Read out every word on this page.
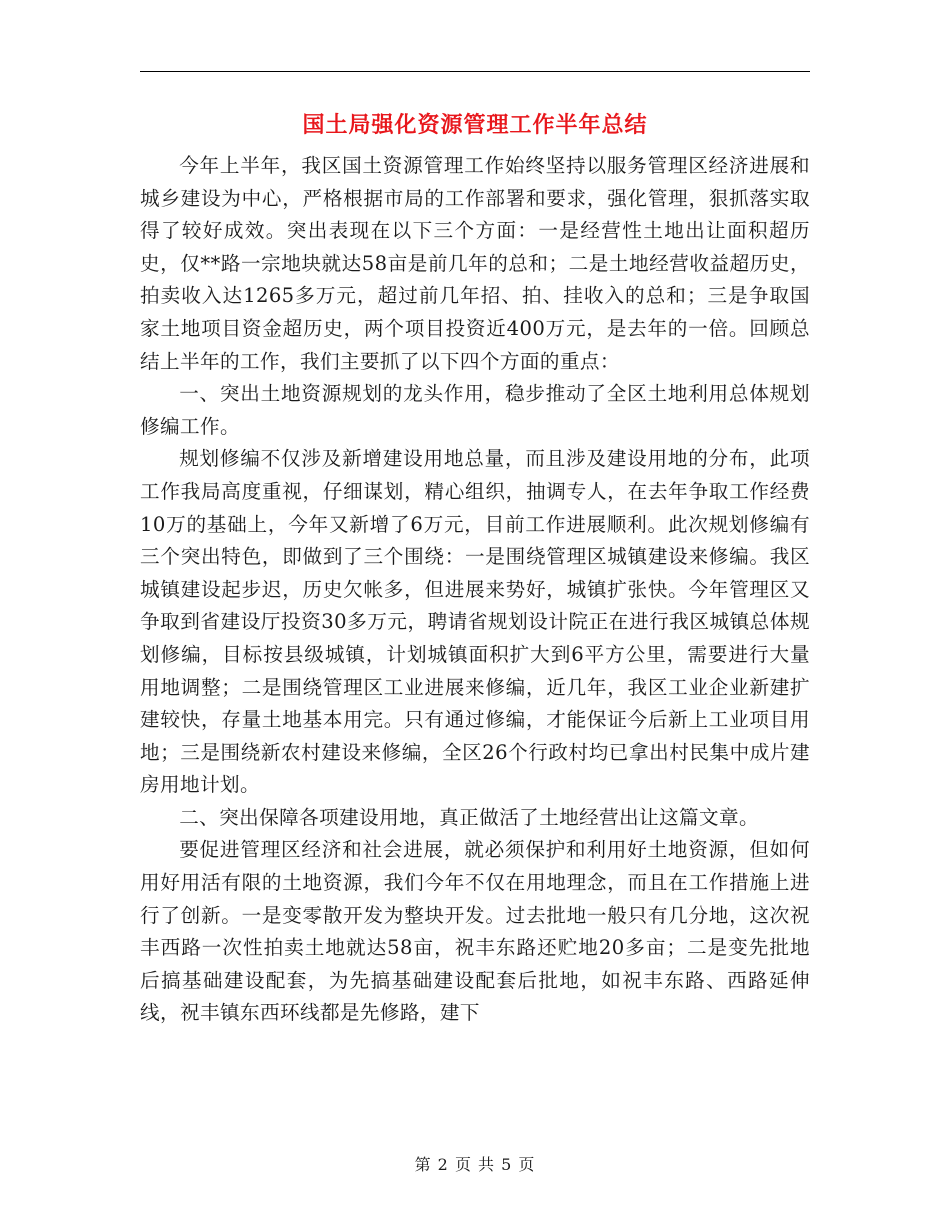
国土局强化资源管理工作半年总结

今年上半年，我区国土资源管理工作始终坚持以服务管理区经济进展和城乡建设为中心，严格根据市局的工作部署和要求，强化管理，狠抓落实取得了较好成效。突出表现在以下三个方面：一是经营性土地出让面积超历史，仅**路一宗地块就达58亩是前几年的总和；二是土地经营收益超历史，拍卖收入达1265多万元，超过前几年招、拍、挂收入的总和；三是争取国家土地项目资金超历史，两个项目投资近400万元，是去年的一倍。回顾总结上半年的工作，我们主要抓了以下四个方面的重点：

一、突出土地资源规划的龙头作用，稳步推动了全区土地利用总体规划修编工作。

规划修编不仅涉及新增建设用地总量，而且涉及建设用地的分布，此项工作我局高度重视，仔细谋划，精心组织，抽调专人，在去年争取工作经费10万的基础上，今年又新增了6万元，目前工作进展顺利。此次规划修编有三个突出特色，即做到了三个围绕：一是围绕管理区城镇建设来修编。我区城镇建设起步迟，历史欠帐多，但进展来势好，城镇扩张快。今年管理区又争取到省建设厅投资30多万元，聘请省规划设计院正在进行我区城镇总体规划修编，目标按县级城镇，计划城镇面积扩大到6平方公里，需要进行大量用地调整；二是围绕管理区工业进展来修编，近几年，我区工业企业新建扩建较快，存量土地基本用完。只有通过修编，才能保证今后新上工业项目用地；三是围绕新农村建设来修编，全区26个行政村均已拿出村民集中成片建房用地计划。

二、突出保障各项建设用地，真正做活了土地经营出让这篇文章。

要促进管理区经济和社会进展，就必须保护和利用好土地资源，但如何用好用活有限的土地资源，我们今年不仅在用地理念，而且在工作措施上进行了创新。一是变零散开发为整块开发。过去批地一般只有几分地，这次祝丰西路一次性拍卖土地就达58亩，祝丰东路还贮地20多亩；二是变先批地后搞基础建设配套，为先搞基础建设配套后批地，如祝丰东路、西路延伸线，祝丰镇东西环线都是先修路，建下

第 2 页 共 5 页
